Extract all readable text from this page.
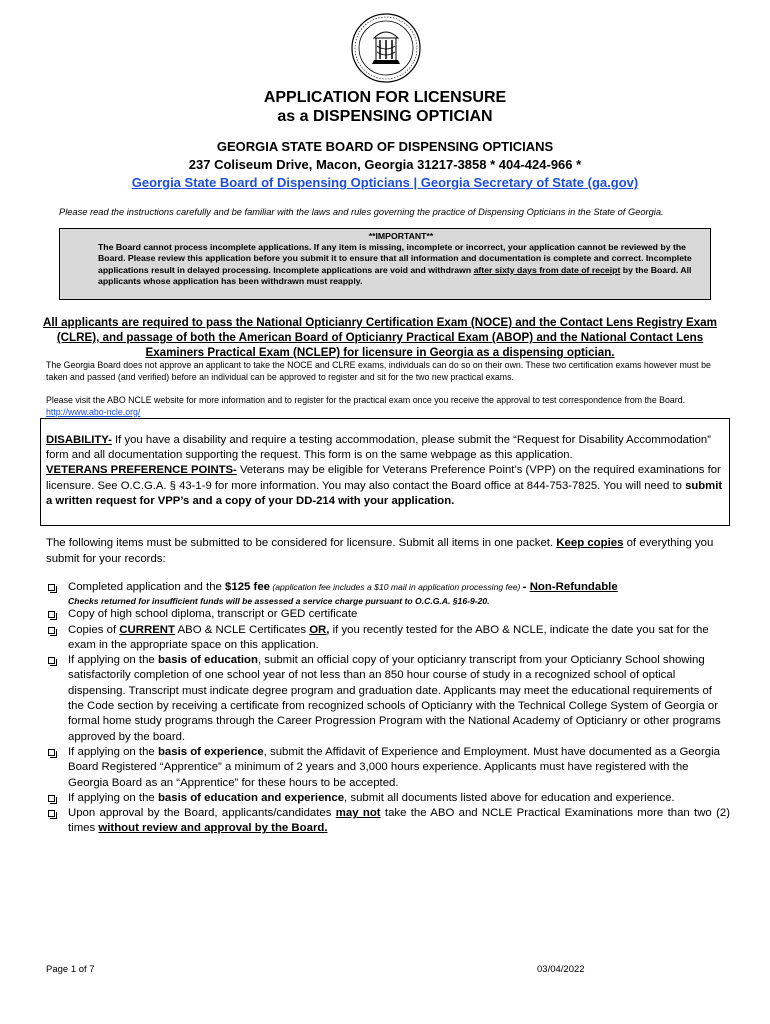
APPLICATION FOR LICENSURE
as a DISPENSING OPTICIAN
GEORGIA STATE BOARD OF DISPENSING OPTICIANS
237 Coliseum Drive, Macon, Georgia 31217-3858 * 404-424-966 *
Georgia State Board of Dispensing Opticians | Georgia Secretary of State (ga.gov)
Please read the instructions carefully and be familiar with the laws and rules governing the practice of Dispensing Opticians in the State of Georgia.
**IMPORTANT**
The Board cannot process incomplete applications. If any item is missing, incomplete or incorrect, your application cannot be reviewed by the Board. Please review this application before you submit it to ensure that all information and documentation is complete and correct. Incomplete applications result in delayed processing. Incomplete applications are void and withdrawn after sixty days from date of receipt by the Board. All applicants whose application has been withdrawn must reapply.
All applicants are required to pass the National Opticianry Certification Exam (NOCE) and the Contact Lens Registry Exam (CLRE), and passage of both the American Board of Opticianry Practical Exam (ABOP) and the National Contact Lens Examiners Practical Exam (NCLEP) for licensure in Georgia as a dispensing optician.
The Georgia Board does not approve an applicant to take the NOCE and CLRE exams, individuals can do so on their own. These two certification exams however must be taken and passed (and verified) before an individual can be approved to register and sit for the two new practical exams.
Please visit the ABO NCLE website for more information and to register for the practical exam once you receive the approval to test correspondence from the Board. http://www.abo-ncle.org/
DISABILITY- If you have a disability and require a testing accommodation, please submit the “Request for Disability Accommodation” form and all documentation supporting the request. This form is on the same webpage as this application.
VETERANS PREFERENCE POINTS- Veterans may be eligible for Veterans Preference Point’s (VPP) on the required examinations for licensure. See O.C.G.A. § 43-1-9 for more information. You may also contact the Board office at 844-753-7825. You will need to submit a written request for VPP’s and a copy of your DD-214 with your application.
The following items must be submitted to be considered for licensure. Submit all items in one packet. Keep copies of everything you submit for your records:
Completed application and the $125 fee (application fee includes a $10 mail in application processing fee) - Non-Refundable
Checks returned for insufficient funds will be assessed a service charge pursuant to O.C.G.A. §16-9-20.
Copy of high school diploma, transcript or GED certificate
Copies of CURRENT ABO & NCLE Certificates OR, if you recently tested for the ABO & NCLE, indicate the date you sat for the exam in the appropriate space on this application.
If applying on the basis of education, submit an official copy of your opticianry transcript from your Opticianry School showing satisfactorily completion of one school year of not less than an 850 hour course of study in a recognized school of optical dispensing. Transcript must indicate degree program and graduation date. Applicants may meet the educational requirements of the Code section by receiving a certificate from recognized schools of Opticianry with the Technical College System of Georgia or formal home study programs through the Career Progression Program with the National Academy of Opticianry or other programs approved by the board.
If applying on the basis of experience, submit the Affidavit of Experience and Employment. Must have documented as a Georgia Board Registered “Apprentice” a minimum of 2 years and 3,000 hours experience. Applicants must have registered with the Georgia Board as an “Apprentice” for these hours to be accepted.
If applying on the basis of education and experience, submit all documents listed above for education and experience.
Upon approval by the Board, applicants/candidates may not take the ABO and NCLE Practical Examinations more than two (2) times without review and approval by the Board.
Page 1 of 7	03/04/2022
